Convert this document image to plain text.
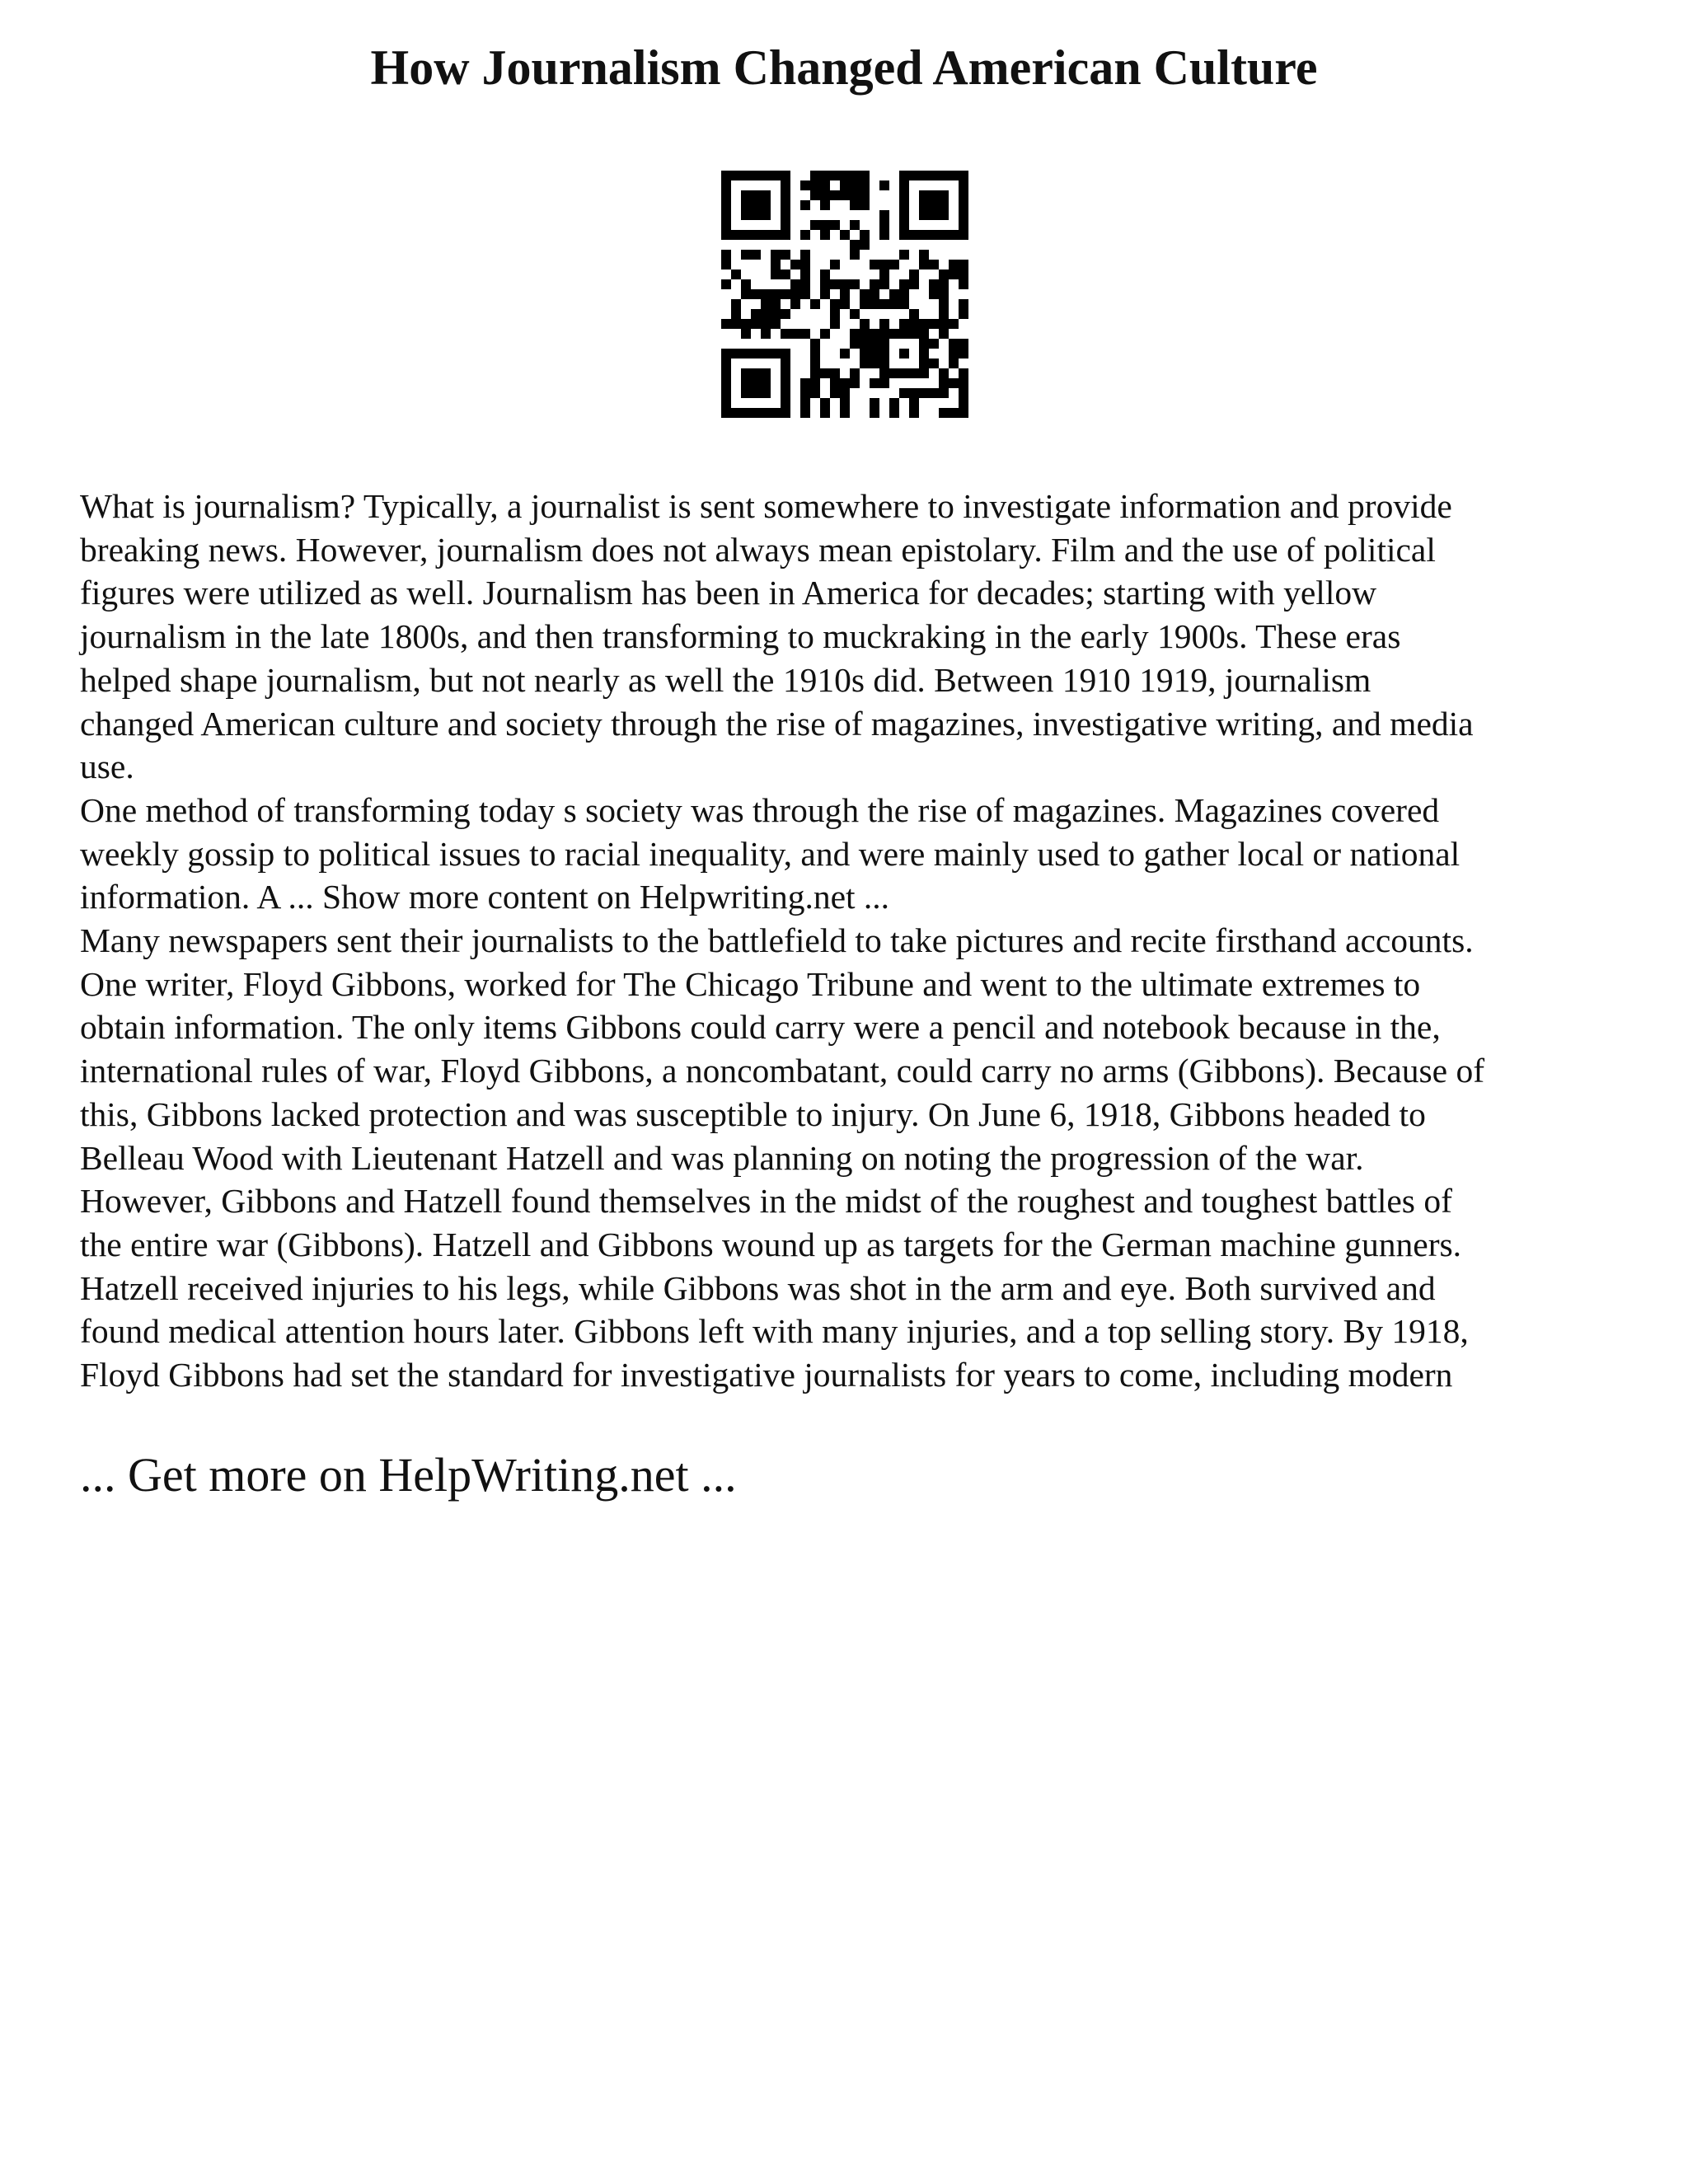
How Journalism Changed American Culture

What is journalism? Typically, a journalist is sent somewhere to investigate information and provide
breaking news. However, journalism does not always mean epistolary. Film and the use of political
figures were utilized as well. Journalism has been in America for decades; starting with yellow
journalism in the late 1800s, and then transforming to muckraking in the early 1900s. These eras
helped shape journalism, but not nearly as well the 1910s did. Between 1910 1919, journalism
changed American culture and society through the rise of magazines, investigative writing, and media
use.

One method of transforming today s society was through the rise of magazines. Magazines covered
weekly gossip to political issues to racial inequality, and were mainly used to gather local or national
information. A ... Show more content on Helpwriting.net ...

Many newspapers sent their journalists to the battlefield to take pictures and recite firsthand accounts.
One writer, Floyd Gibbons, worked for The Chicago Tribune and went to the ultimate extremes to
obtain information. The only items Gibbons could carry were a pencil and notebook because in the,
international rules of war, Floyd Gibbons, a noncombatant, could carry no arms (Gibbons). Because of
this, Gibbons lacked protection and was susceptible to injury. On June 6, 1918, Gibbons headed to
Belleau Wood with Lieutenant Hatzell and was planning on noting the progression of the war.
However, Gibbons and Hatzell found themselves in the midst of the roughest and toughest battles of
the entire war (Gibbons). Hatzell and Gibbons wound up as targets for the German machine gunners.
Hatzell received injuries to his legs, while Gibbons was shot in the arm and eye. Both survived and
found medical attention hours later. Gibbons left with many injuries, and a top selling story. By 1918,
Floyd Gibbons had set the standard for investigative journalists for years to come, including modern

... Get more on HelpWriting.net ...
